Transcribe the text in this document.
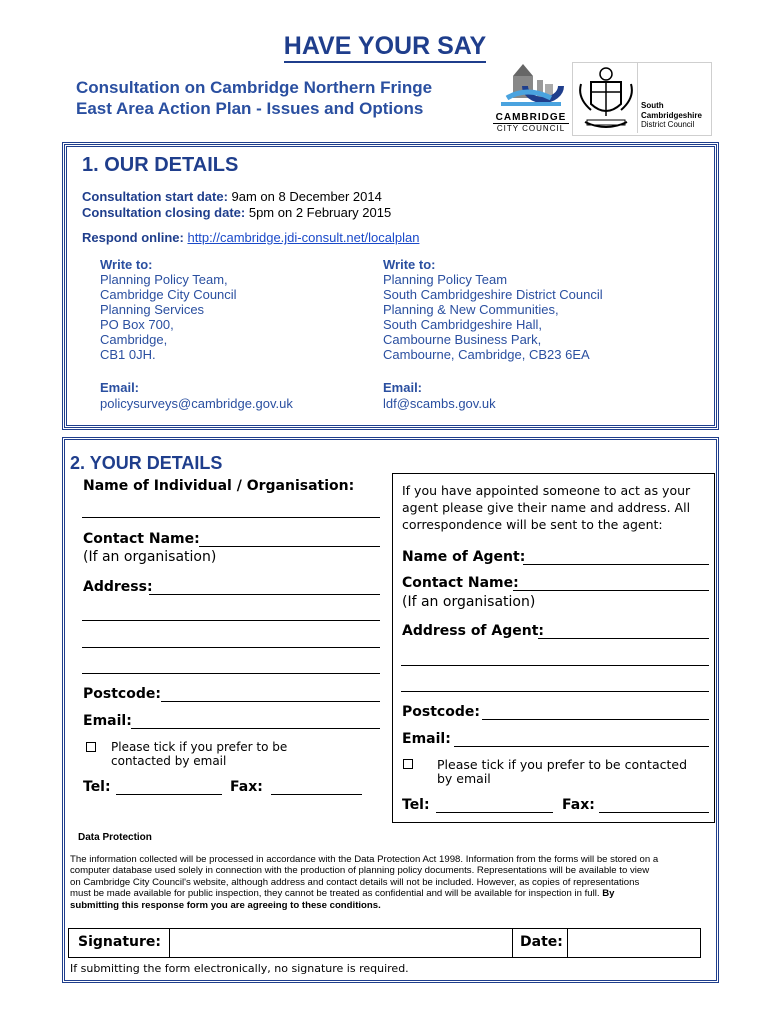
HAVE YOUR SAY
Consultation on Cambridge Northern Fringe
East Area Action Plan - Issues and Options	CAMBRIDGE
CITY COUNCIL
South
Cambridgeshire
District Council
1. OUR DETAILS
Consultation start date: 9am on 8 December 2014
Consultation closing date: 5pm on 2 February 2015
Respond online: http://cambridge.jdi-consult.net/localplan
Write to:
Planning Policy Team,
Cambridge City Council
Planning Services
PO Box 700,
Cambridge,
CB1 0JH.
Email:
policysurveys@cambridge.gov.uk
Write to:
Planning Policy Team
South Cambridgeshire District Council
Planning & New Communities,
South Cambridgeshire Hall,
Cambourne Business Park,
Cambourne, Cambridge, CB23 6EA
Email:
ldf@scambs.gov.uk
2. YOUR DETAILS
Name of Individual / Organisation:
Contact Name:
(If an organisation)
Address:
Postcode:
Email:
Please tick if you prefer to be
contacted by email
Tel:	Fax:
If you have appointed someone to act as your
agent please give their name and address. All
correspondence will be sent to the agent:
Name of Agent:
Contact Name:
(If an organisation)
Address of Agent:
Postcode:
Email:
Please tick if you prefer to be contacted
by email
Tel:	Fax:
Data Protection
The information collected will be processed in accordance with the Data Protection Act 1998. Information from the forms will be stored on a
computer database used solely in connection with the production of planning policy documents. Representations will be available to view
on Cambridge City Council's website, although address and contact details will not be included. However, as copies of representations
must be made available for public inspection, they cannot be treated as confidential and will be available for inspection in full. By
submitting this response form you are agreeing to these conditions.
Signature:	Date:
If submitting the form electronically, no signature is required.
